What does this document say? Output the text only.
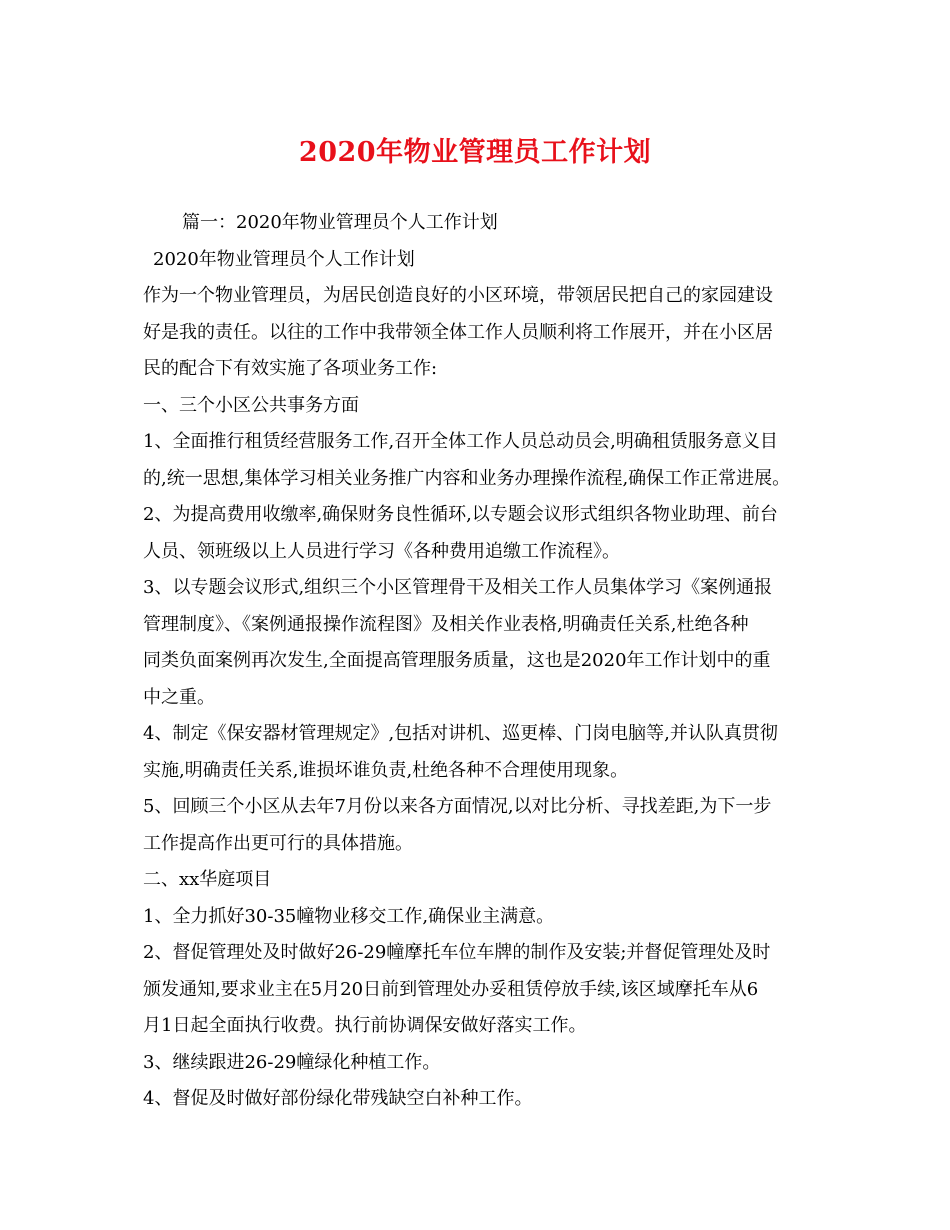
2020年物业管理员工作计划

篇一：2020年物业管理员个人工作计划

2020年物业管理员个人工作计划

作为一个物业管理员，为居民创造良好的小区环境，带领居民把自己的家园建设

好是我的责任。以往的工作中我带领全体工作人员顺利将工作展开，并在小区居

民的配合下有效实施了各项业务工作:

一、三个小区公共事务方面

1、全面推行租赁经营服务工作,召开全体工作人员总动员会,明确租赁服务意义目

的,统一思想,集体学习相关业务推广内容和业务办理操作流程,确保工作正常进展。

2、为提高费用收缴率,确保财务良性循环,以专题会议形式组织各物业助理、前台

人员、领班级以上人员进行学习《各种费用追缴工作流程》。

3、以专题会议形式,组织三个小区管理骨干及相关工作人员集体学习《案例通报

管理制度》、《案例通报操作流程图》及相关作业表格,明确责任关系,杜绝各种

同类负面案例再次发生,全面提高管理服务质量，这也是2020年工作计划中的重

中之重。

4、制定《保安器材管理规定》,包括对讲机、巡更棒、门岗电脑等,并认队真贯彻

实施,明确责任关系,谁损坏谁负责,杜绝各种不合理使用现象。

5、回顾三个小区从去年7月份以来各方面情况,以对比分析、寻找差距,为下一步

工作提高作出更可行的具体措施。

二、xx华庭项目

1、全力抓好30-35幢物业移交工作,确保业主满意。

2、督促管理处及时做好26-29幢摩托车位车牌的制作及安装;并督促管理处及时

颁发通知,要求业主在5月20日前到管理处办妥租赁停放手续,该区域摩托车从6

月1日起全面执行收费。执行前协调保安做好落实工作。

3、继续跟进26-29幢绿化种植工作。

4、督促及时做好部份绿化带残缺空白补种工作。
